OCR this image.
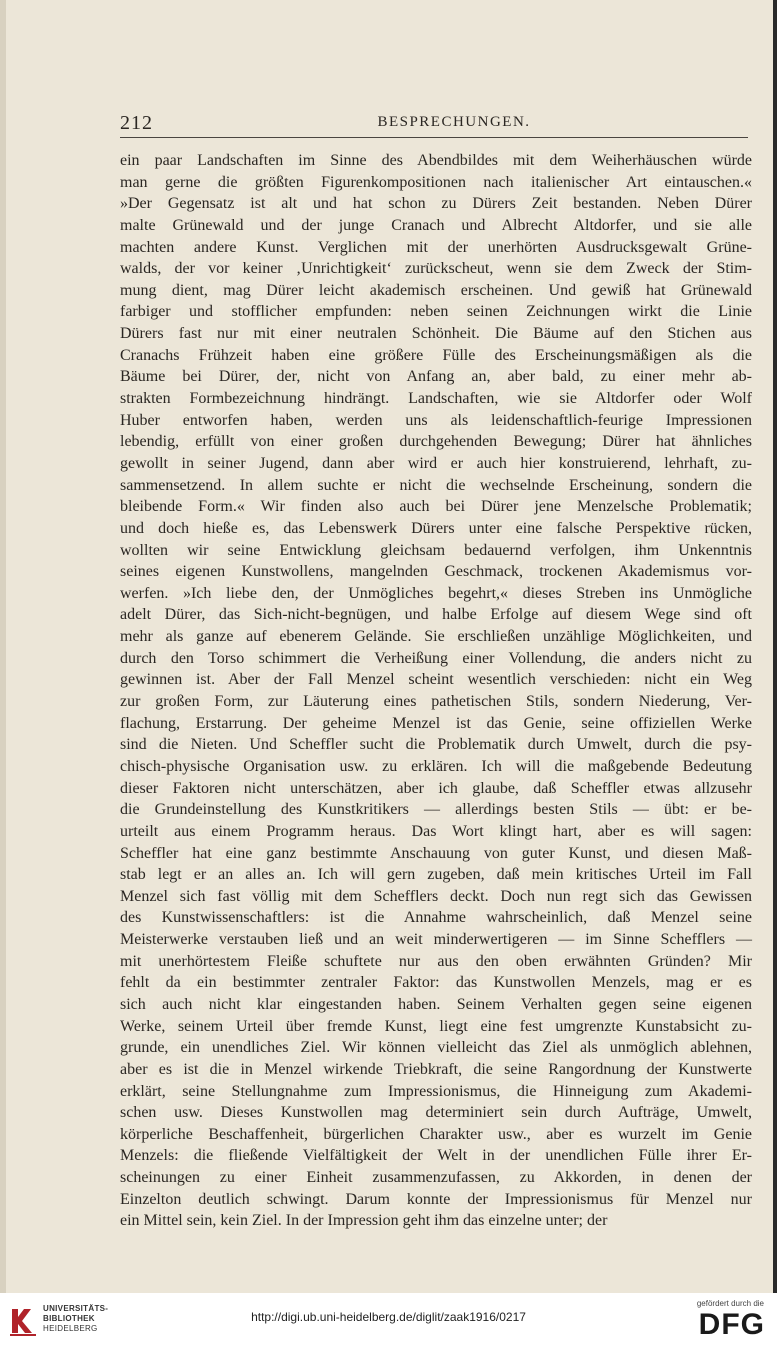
212	BESPRECHUNGEN.
ein paar Landschaften im Sinne des Abendbildes mit dem Weiherhäuschen würde
man gerne die größten Figurenkompositionen nach italienischer Art eintauschen.«
»Der Gegensatz ist alt und hat schon zu Dürers Zeit bestanden. Neben Dürer
malte Grünewald und der junge Cranach und Albrecht Altdorfer, und sie alle
machten andere Kunst. Verglichen mit der unerhörten Ausdrucksgewalt Grüne-
walds, der vor keiner ‚Unrichtigkeit‘ zurückscheut, wenn sie dem Zweck der Stim-
mung dient, mag Dürer leicht akademisch erscheinen. Und gewiß hat Grünewald
farbiger und stofflicher empfunden: neben seinen Zeichnungen wirkt die Linie
Dürers fast nur mit einer neutralen Schönheit. Die Bäume auf den Stichen aus
Cranachs Frühzeit haben eine größere Fülle des Erscheinungsmäßigen als die
Bäume bei Dürer, der, nicht von Anfang an, aber bald, zu einer mehr ab-
strakten Formbezeichnung hindrängt. Landschaften, wie sie Altdorfer oder Wolf
Huber entworfen haben, werden uns als leidenschaftlich-feurige Impressionen
lebendig, erfüllt von einer großen durchgehenden Bewegung; Dürer hat ähnliches
gewollt in seiner Jugend, dann aber wird er auch hier konstruierend, lehrhaft, zu-
sammensetzend. In allem suchte er nicht die wechselnde Erscheinung, sondern die
bleibende Form.« Wir finden also auch bei Dürer jene Menzelsche Problematik;
und doch hieße es, das Lebenswerk Dürers unter eine falsche Perspektive rücken,
wollten wir seine Entwicklung gleichsam bedauernd verfolgen, ihm Unkenntnis
seines eigenen Kunstwollens, mangelnden Geschmack, trockenen Akademismus vor-
werfen. »Ich liebe den, der Unmögliches begehrt,« dieses Streben ins Unmögliche
adelt Dürer, das Sich-nicht-begnügen, und halbe Erfolge auf diesem Wege sind oft
mehr als ganze auf ebenerem Gelände. Sie erschließen unzählige Möglichkeiten, und
durch den Torso schimmert die Verheißung einer Vollendung, die anders nicht zu
gewinnen ist. Aber der Fall Menzel scheint wesentlich verschieden: nicht ein Weg
zur großen Form, zur Läuterung eines pathetischen Stils, sondern Niederung, Ver-
flachung, Erstarrung. Der geheime Menzel ist das Genie, seine offiziellen Werke
sind die Nieten. Und Scheffler sucht die Problematik durch Umwelt, durch die psy-
chisch-physische Organisation usw. zu erklären. Ich will die maßgebende Bedeutung
dieser Faktoren nicht unterschätzen, aber ich glaube, daß Scheffler etwas allzusehr
die Grundeinstellung des Kunstkritikers — allerdings besten Stils — übt: er be-
urteilt aus einem Programm heraus. Das Wort klingt hart, aber es will sagen:
Scheffler hat eine ganz bestimmte Anschauung von guter Kunst, und diesen Maß-
stab legt er an alles an. Ich will gern zugeben, daß mein kritisches Urteil im Fall
Menzel sich fast völlig mit dem Schefflers deckt. Doch nun regt sich das Gewissen
des Kunstwissenschaftlers: ist die Annahme wahrscheinlich, daß Menzel seine
Meisterwerke verstauben ließ und an weit minderwertigeren — im Sinne Schefflers —
mit unerhörtestem Fleiße schuftete nur aus den oben erwähnten Gründen? Mir
fehlt da ein bestimmter zentraler Faktor: das Kunstwollen Menzels, mag er es
sich auch nicht klar eingestanden haben. Seinem Verhalten gegen seine eigenen
Werke, seinem Urteil über fremde Kunst, liegt eine fest umgrenzte Kunstabsicht zu-
grunde, ein unendliches Ziel. Wir können vielleicht das Ziel als unmöglich ablehnen,
aber es ist die in Menzel wirkende Triebkraft, die seine Rangordnung der Kunstwerte
erklärt, seine Stellungnahme zum Impressionismus, die Hinneigung zum Akademi-
schen usw. Dieses Kunstwollen mag determiniert sein durch Aufträge, Umwelt,
körperliche Beschaffenheit, bürgerlichen Charakter usw., aber es wurzelt im Genie
Menzels: die fließende Vielfältigkeit der Welt in der unendlichen Fülle ihrer Er-
scheinungen zu einer Einheit zusammenzufassen, zu Akkorden, in denen der
Einzelton deutlich schwingt. Darum konnte der Impressionismus für Menzel nur
ein Mittel sein, kein Ziel. In der Impression geht ihm das einzelne unter; der
UNIVERSITÄTS-
BIBLIOTHEK
HEIDELBERG
http://digi.ub.uni-heidelberg.de/diglit/zaak1916/0217
gefördert durch die
DFG
